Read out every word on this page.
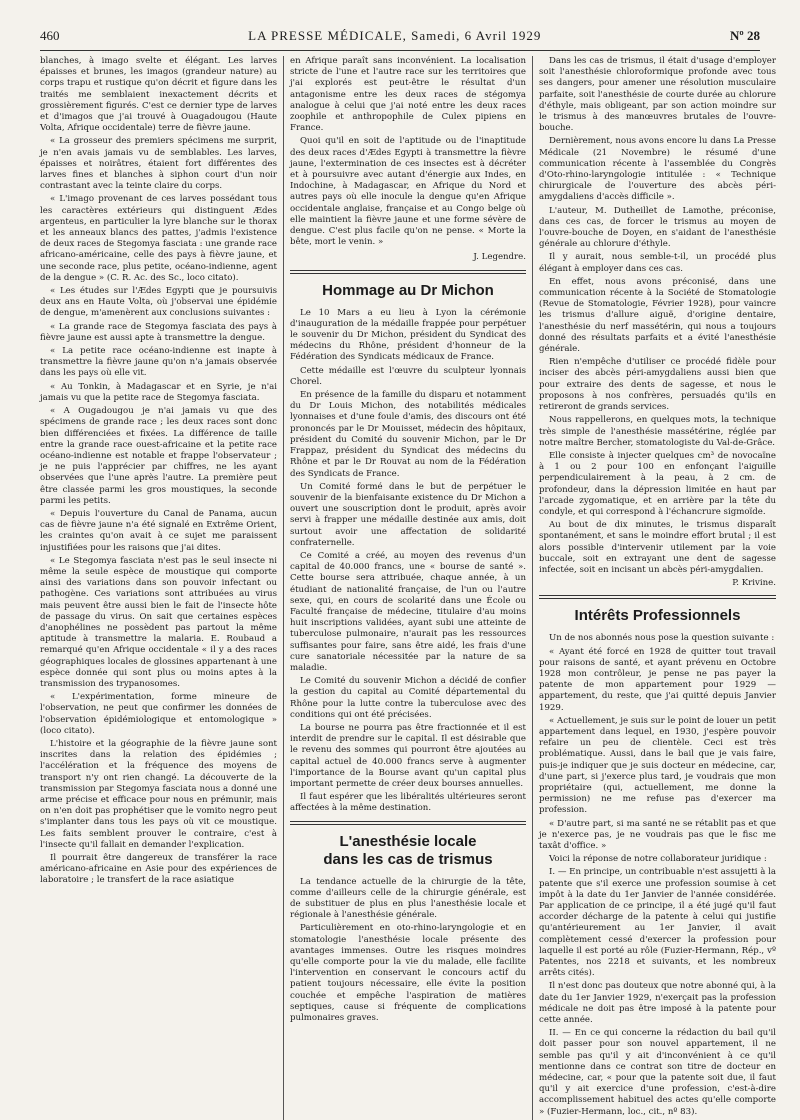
460	LA PRESSE MÉDICALE, Samedi, 6 Avril 1929	Nº 28

blanches, à imago svelte et élégant. Les larves épaisses et brunes, les imagos (grandeur nature) au corps trapu et rustique qu'on décrit et figure dans les traités me semblaient inexactement décrits et grossièrement figurés. C'est ce dernier type de larves et d'imagos que j'ai trouvé à Ouagadougou (Haute Volta, Afrique occidentale) terre de fièvre jaune.

« La grosseur des premiers spécimens me surprit, je n'en avais jamais vu de semblables. Les larves, épaisses et noirâtres, étaient fort différentes des larves fines et blanches à siphon court d'un noir contrastant avec la teinte claire du corps.

« L'imago provenant de ces larves possédant tous les caractères extérieurs qui distinguent Ædes argenteus, en particulier la lyre blanche sur le thorax et les anneaux blancs des pattes, j'admis l'existence de deux races de Stegomya fasciata : une grande race africano-américaine, celle des pays à fièvre jaune, et une seconde race, plus petite, océano-indienne, agent de la dengue » (C. R. Ac. des Sc., loco citato).

« Les études sur l'Ædes Egypti que je poursuivis deux ans en Haute Volta, où j'observai une épidémie de dengue, m'amenèrent aux conclusions suivantes :

« La grande race de Stegomya fasciata des pays à fièvre jaune est aussi apte à transmettre la dengue.

« La petite race océano-indienne est inapte à transmettre la fièvre jaune qu'on n'a jamais observée dans les pays où elle vit.

« Au Tonkin, à Madagascar et en Syrie, je n'ai jamais vu que la petite race de Stegomya fasciata.

« A Ougadougou je n'ai jamais vu que des spécimens de grande race ; les deux races sont donc bien différenciées et fixées. La différence de taille entre la grande race ouest-africaine et la petite race océano-indienne est notable et frappe l'observateur ; je ne puis l'apprécier par chiffres, ne les ayant observées que l'une après l'autre. La première peut être classée parmi les gros moustiques, la seconde parmi les petits.

« Depuis l'ouverture du Canal de Panama, aucun cas de fièvre jaune n'a été signalé en Extrême Orient, les craintes qu'on avait à ce sujet me paraissent injustifiées pour les raisons que j'ai dites.

« Le Stegomya fasciata n'est pas le seul insecte ni même la seule espèce de moustique qui comporte ainsi des variations dans son pouvoir infectant ou pathogène. Ces variations sont attribuées au virus mais peuvent être aussi bien le fait de l'insecte hôte de passage du virus. On sait que certaines espèces d'anophélines ne possèdent pas partout la même aptitude à transmettre la malaria. E. Roubaud a remarqué qu'en Afrique occidentale « il y a des races géographiques locales de glossines appartenant à une espèce donnée qui sont plus ou moins aptes à la transmission des trypanosomes.

« L'expérimentation, forme mineure de l'observation, ne peut que confirmer les données de l'observation épidémiologique et entomologique » (loco citato).

L'histoire et la géographie de la fièvre jaune sont inscrites dans la relation des épidémies ; l'accélération et la fréquence des moyens de transport n'y ont rien changé. La découverte de la transmission par Stegomya fasciata nous a donné une arme précise et efficace pour nous en prémunir, mais on n'en doit pas prophétiser que le vomito negro peut s'implanter dans tous les pays où vit ce moustique. Les faits semblent prouver le contraire, c'est à l'insecte qu'il fallait en demander l'explication.

Il pourrait être dangereux de transférer la race américano-africaine en Asie pour des expériences de laboratoire ; le transfert de la race asiatique

en Afrique paraît sans inconvénient. La localisation stricte de l'une et l'autre race sur les territoires que j'ai explorés est peut-être le résultat d'un antagonisme entre les deux races de stégomya analogue à celui que j'ai noté entre les deux races zoophile et anthropophile de Culex pipiens en France.

Quoi qu'il en soit de l'aptitude ou de l'inaptitude des deux races d'Ædes Egypti à transmettre la fièvre jaune, l'extermination de ces insectes est à décréter et à poursuivre avec autant d'énergie aux Indes, en Indochine, à Madagascar, en Afrique du Nord et autres pays où elle inocule la dengue qu'en Afrique occidentale anglaise, française et au Congo belge où elle maintient la fièvre jaune et une forme sévère de dengue. C'est plus facile qu'on ne pense. « Morte la bête, mort le venin. »

J. Legendre.

Hommage au Dr Michon

Le 10 Mars a eu lieu à Lyon la cérémonie d'inauguration de la médaille frappée pour perpétuer le souvenir du Dr Michon, président du Syndicat des médecins du Rhône, président d'honneur de la Fédération des Syndicats médicaux de France.

Cette médaille est l'œuvre du sculpteur lyonnais Chorel.

En présence de la famille du disparu et notamment du Dr Louis Michon, des notabilités médicales lyonnaises et d'une foule d'amis, des discours ont été prononcés par le Dr Mouisset, médecin des hôpitaux, président du Comité du souvenir Michon, par le Dr Frappaz, président du Syndicat des médecins du Rhône et par le Dr Rouvat au nom de la Fédération des Syndicats de France.

Un Comité formé dans le but de perpétuer le souvenir de la bienfaisante existence du Dr Michon a ouvert une souscription dont le produit, après avoir servi à frapper une médaille destinée aux amis, doit surtout avoir une affectation de solidarité confraternelle.

Ce Comité a créé, au moyen des revenus d'un capital de 40.000 francs, une « bourse de santé ». Cette bourse sera attribuée, chaque année, à un étudiant de nationalité française, de l'un ou l'autre sexe, qui, en cours de scolarité dans une École ou Faculté française de médecine, titulaire d'au moins huit inscriptions validées, ayant subi une atteinte de tuberculose pulmonaire, n'aurait pas les ressources suffisantes pour faire, sans être aidé, les frais d'une cure sanatoriale nécessitée par la nature de sa maladie.

Le Comité du souvenir Michon a décidé de confier la gestion du capital au Comité départemental du Rhône pour la lutte contre la tuberculose avec des conditions qui ont été précisées.

La bourse ne pourra pas être fractionnée et il est interdit de prendre sur le capital. Il est désirable que le revenu des sommes qui pourront être ajoutées au capital actuel de 40.000 francs serve à augmenter l'importance de la Bourse avant qu'un capital plus important permette de créer deux bourses annuelles.

Il faut espérer que les libéralités ultérieures seront affectées à la même destination.

L'anesthésie locale
dans les cas de trismus

La tendance actuelle de la chirurgie de la tête, comme d'ailleurs celle de la chirurgie générale, est de substituer de plus en plus l'anesthésie locale et régionale à l'anesthésie générale.

Particulièrement en oto-rhino-laryngologie et en stomatologie l'anesthésie locale présente des avantages immenses. Outre les risques moindres qu'elle comporte pour la vie du malade, elle facilite l'intervention en conservant le concours actif du patient toujours nécessaire, elle évite la position couchée et empêche l'aspiration de matières septiques, cause si fréquente de complications pulmonaires graves.

Dans les cas de trismus, il était d'usage d'employer soit l'anesthésie chloroformique profonde avec tous ses dangers, pour amener une résolution musculaire parfaite, soit l'anesthésie de courte durée au chlorure d'éthyle, mais obligeant, par son action moindre sur le trismus à des manœuvres brutales de l'ouvre-bouche.

Dernièrement, nous avons encore lu dans La Presse Médicale (21 Novembre) le résumé d'une communication récente à l'assemblée du Congrès d'Oto-rhino-laryngologie intitulée : « Technique chirurgicale de l'ouverture des abcès péri-amygdaliens d'accès difficile ».

L'auteur, M. Dutheillet de Lamothe, préconise, dans ces cas, de forcer le trismus au moyen de l'ouvre-bouche de Doyen, en s'aidant de l'anesthésie générale au chlorure d'éthyle.

Il y aurait, nous semble-t-il, un procédé plus élégant à employer dans ces cas.

En effet, nous avons préconisé, dans une communication récente à la Société de Stomatologie (Revue de Stomatologie, Février 1928), pour vaincre les trismus d'allure aiguë, d'origine dentaire, l'anesthésie du nerf massétérin, qui nous a toujours donné des résultats parfaits et a évité l'anesthésie générale.

Rien n'empêche d'utiliser ce procédé fidèle pour inciser des abcès péri-amygdaliens aussi bien que pour extraire des dents de sagesse, et nous le proposons à nos confrères, persuadés qu'ils en retireront de grands services.

Nous rappellerons, en quelques mots, la technique très simple de l'anesthésie massétérine, réglée par notre maître Bercher, stomatologiste du Val-de-Grâce.

Elle consiste à injecter quelques cm³ de novocaïne à 1 ou 2 pour 100 en enfonçant l'aiguille perpendiculairement à la peau, à 2 cm. de profondeur, dans la dépression limitée en haut par l'arcade zygomatique, et en arrière par la tête du condyle, et qui correspond à l'échancrure sigmoïde.

Au bout de dix minutes, le trismus disparaît spontanément, et sans le moindre effort brutal ; il est alors possible d'intervenir utilement par la voie buccale, soit en extrayant une dent de sagesse infectée, soit en incisant un abcès péri-amygdalien.

P. Krivine.

Intérêts Professionnels

Un de nos abonnés nous pose la question suivante :

« Ayant été forcé en 1928 de quitter tout travail pour raisons de santé, et ayant prévenu en Octobre 1928 mon contrôleur, je pense ne pas payer la patente de mon appartement pour 1929 — appartement, du reste, que j'ai quitté depuis Janvier 1929.

« Actuellement, je suis sur le point de louer un petit appartement dans lequel, en 1930, j'espère pouvoir refaire un peu de clientèle. Ceci est très problématique. Aussi, dans le bail que je vais faire, puis-je indiquer que je suis docteur en médecine, car, d'une part, si j'exerce plus tard, je voudrais que mon propriétaire (qui, actuellement, me donne la permission) ne me refuse pas d'exercer ma profession.

« D'autre part, si ma santé ne se rétablit pas et que je n'exerce pas, je ne voudrais pas que le fisc me taxât d'office. »

Voici la réponse de notre collaborateur juridique :

I. — En principe, un contribuable n'est assujetti à la patente que s'il exerce une profession soumise à cet impôt à la date du 1er Janvier de l'année considérée. Par application de ce principe, il a été jugé qu'il faut accorder décharge de la patente à celui qui justifie qu'antérieurement au 1er Janvier, il avait complètement cessé d'exercer la profession pour laquelle il est porté au rôle (Fuzier-Hermann, Rép., vº Patentes, nos 2218 et suivants, et les nombreux arrêts cités).

Il n'est donc pas douteux que notre abonné qui, à la date du 1er Janvier 1929, n'exerçait pas la profession médicale ne doit pas être imposé à la patente pour cette année.

II. — En ce qui concerne la rédaction du bail qu'il doit passer pour son nouvel appartement, il ne semble pas qu'il y ait d'inconvénient à ce qu'il mentionne dans ce contrat son titre de docteur en médecine, car, « pour que la patente soit due, il faut qu'il y ait exercice d'une profession, c'est-à-dire accomplissement habituel des actes qu'elle comporte » (Fuzier-Hermann, loc., cit., nº 83).
